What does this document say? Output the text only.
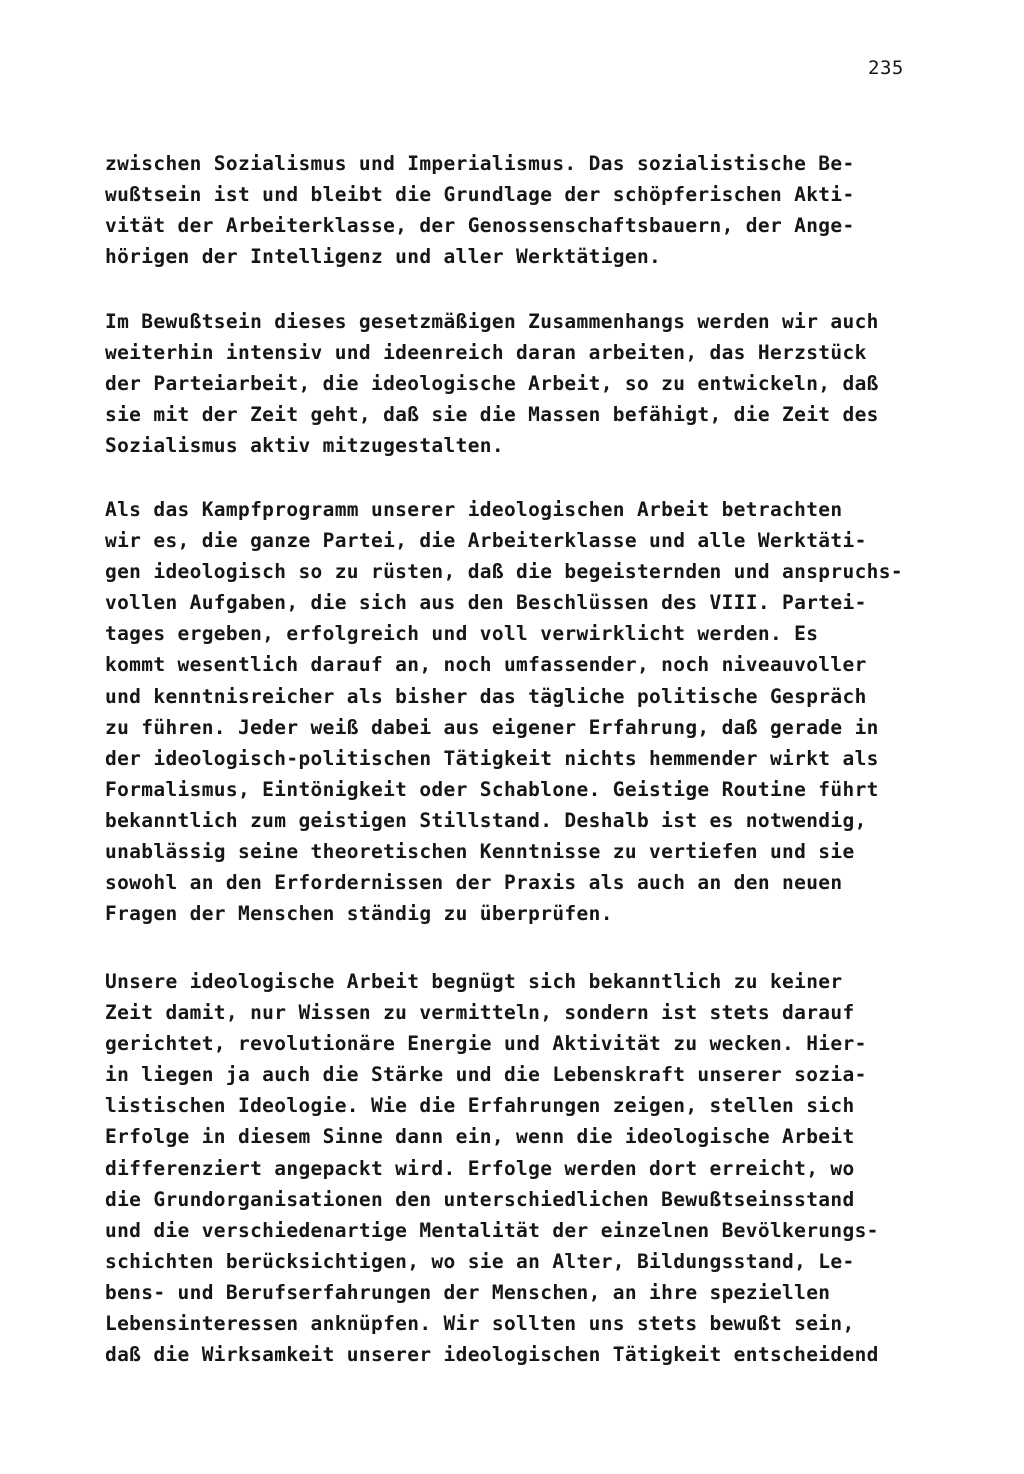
235
zwischen Sozialismus und Imperialismus. Das sozialistische Be-
wußtsein ist und bleibt die Grundlage der schöpferischen Akti-
vität der Arbeiterklasse, der Genossenschaftsbauern, der Ange-
hörigen der Intelligenz und aller Werktätigen.
Im Bewußtsein dieses gesetzmäßigen Zusammenhangs werden wir auch
weiterhin intensiv und ideenreich daran arbeiten, das Herzstück
der Parteiarbeit, die ideologische Arbeit, so zu entwickeln, daß
sie mit der Zeit geht, daß sie die Massen befähigt, die Zeit des
Sozialismus aktiv mitzugestalten.
Als das Kampfprogramm unserer ideologischen Arbeit betrachten
wir es, die ganze Partei, die Arbeiterklasse und alle Werktäti-
gen ideologisch so zu rüsten, daß die begeisternden und anspruchs-
vollen Aufgaben, die sich aus den Beschlüssen des VIII. Partei-
tages ergeben, erfolgreich und voll verwirklicht werden. Es
kommt wesentlich darauf an, noch umfassender, noch niveauvoller
und kenntnisreicher als bisher das tägliche politische Gespräch
zu führen. Jeder weiß dabei aus eigener Erfahrung, daß gerade in
der ideologisch-politischen Tätigkeit nichts hemmender wirkt als
Formalismus, Eintönigkeit oder Schablone. Geistige Routine führt
bekanntlich zum geistigen Stillstand. Deshalb ist es notwendig,
unablässig seine theoretischen Kenntnisse zu vertiefen und sie
sowohl an den Erfordernissen der Praxis als auch an den neuen
Fragen der Menschen ständig zu überprüfen.
Unsere ideologische Arbeit begnügt sich bekanntlich zu keiner
Zeit damit, nur Wissen zu vermitteln, sondern ist stets darauf
gerichtet, revolutionäre Energie und Aktivität zu wecken. Hier-
in liegen ja auch die Stärke und die Lebenskraft unserer sozia-
listischen Ideologie. Wie die Erfahrungen zeigen, stellen sich
Erfolge in diesem Sinne dann ein, wenn die ideologische Arbeit
differenziert angepackt wird. Erfolge werden dort erreicht, wo
die Grundorganisationen den unterschiedlichen Bewußtseinsstand
und die verschiedenartige Mentalität der einzelnen Bevölkerungs-
schichten berücksichtigen, wo sie an Alter, Bildungsstand, Le-
bens- und Berufserfahrungen der Menschen, an ihre speziellen
Lebensinteressen anknüpfen. Wir sollten uns stets bewußt sein,
daß die Wirksamkeit unserer ideologischen Tätigkeit entscheidend
